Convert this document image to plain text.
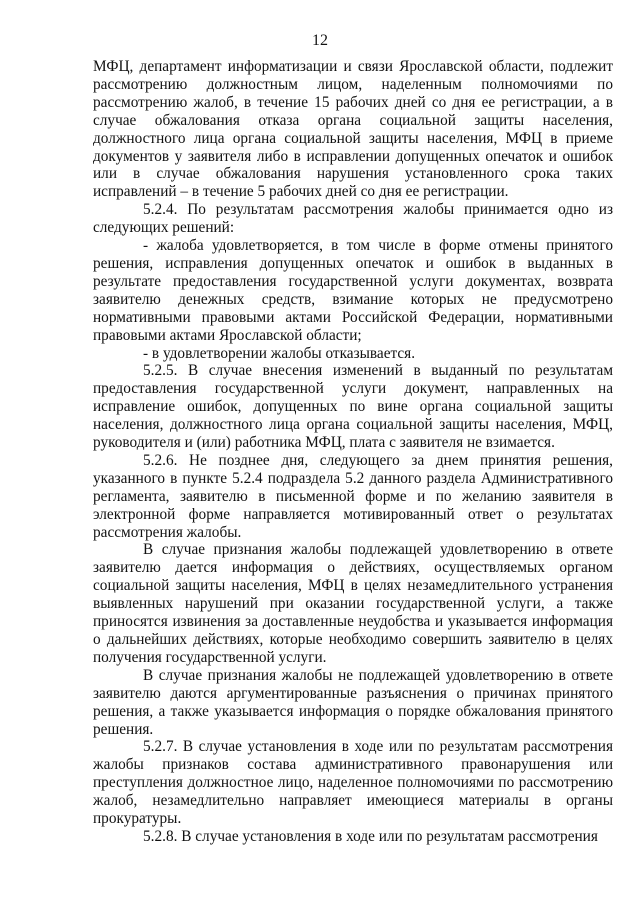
12

МФЦ, департамент информатизации и связи Ярославской области, подлежит рассмотрению должностным лицом, наделенным полномочиями по рассмотрению жалоб, в течение 15 рабочих дней со дня ее регистрации, а в случае обжалования отказа органа социальной защиты населения, должностного лица органа социальной защиты населения, МФЦ в приеме документов у заявителя либо в исправлении допущенных опечаток и ошибок или в случае обжалования нарушения установленного срока таких исправлений – в течение 5 рабочих дней со дня ее регистрации.

5.2.4. По результатам рассмотрения жалобы принимается одно из следующих решений:

- жалоба удовлетворяется, в том числе в форме отмены принятого решения, исправления допущенных опечаток и ошибок в выданных в результате предоставления государственной услуги документах, возврата заявителю денежных средств, взимание которых не предусмотрено нормативными правовыми актами Российской Федерации, нормативными правовыми актами Ярославской области;

- в удовлетворении жалобы отказывается.

5.2.5. В случае внесения изменений в выданный по результатам предоставления государственной услуги документ, направленных на исправление ошибок, допущенных по вине органа социальной защиты населения, должностного лица органа социальной защиты населения, МФЦ, руководителя и (или) работника МФЦ, плата с заявителя не взимается.

5.2.6. Не позднее дня, следующего за днем принятия решения, указанного в пункте 5.2.4 подраздела 5.2 данного раздела Административного регламента, заявителю в письменной форме и по желанию заявителя в электронной форме направляется мотивированный ответ о результатах рассмотрения жалобы.

В случае признания жалобы подлежащей удовлетворению в ответе заявителю дается информация о действиях, осуществляемых органом социальной защиты населения, МФЦ в целях незамедлительного устранения выявленных нарушений при оказании государственной услуги, а также приносятся извинения за доставленные неудобства и указывается информация о дальнейших действиях, которые необходимо совершить заявителю в целях получения государственной услуги.

В случае признания жалобы не подлежащей удовлетворению в ответе заявителю даются аргументированные разъяснения о причинах принятого решения, а также указывается информация о порядке обжалования принятого решения.

5.2.7. В случае установления в ходе или по результатам рассмотрения жалобы признаков состава административного правонарушения или преступления должностное лицо, наделенное полномочиями по рассмотрению жалоб, незамедлительно направляет имеющиеся материалы в органы прокуратуры.

5.2.8. В случае установления в ходе или по результатам рассмотрения
